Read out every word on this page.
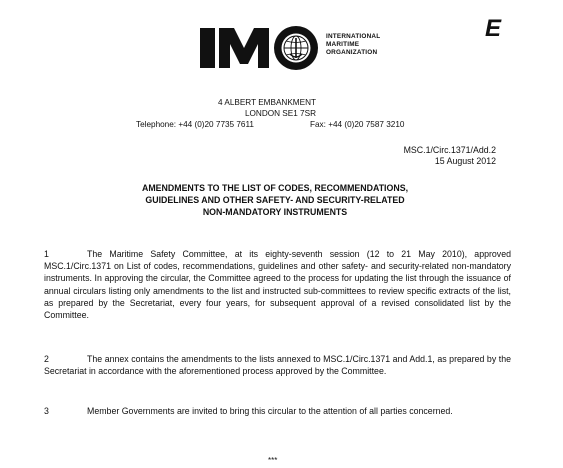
INTERNATIONAL
MARITIME
ORGANIZATION
E
4 ALBERT EMBANKMENT
LONDON SE1 7SR
Telephone: +44 (0)20 7735 7611	Fax: +44 (0)20 7587 3210
MSC.1/Circ.1371/Add.2
15 August 2012
AMENDMENTS TO THE LIST OF CODES, RECOMMENDATIONS,
GUIDELINES AND OTHER SAFETY- AND SECURITY-RELATED
NON-MANDATORY INSTRUMENTS
1	The Maritime Safety Committee, at its eighty-seventh session (12 to 21 May 2010), approved MSC.1/Circ.1371 on List of codes, recommendations, guidelines and other safety- and security-related non-mandatory instruments. In approving the circular, the Committee agreed to the process for updating the list through the issuance of annual circulars listing only amendments to the list and instructed sub-committees to review specific extracts of the list, as prepared by the Secretariat, every four years, for subsequent approval of a revised consolidated list by the Committee.
2	The annex contains the amendments to the lists annexed to MSC.1/Circ.1371 and Add.1, as prepared by the Secretariat in accordance with the aforementioned process approved by the Committee.
3	Member Governments are invited to bring this circular to the attention of all parties concerned.
***
